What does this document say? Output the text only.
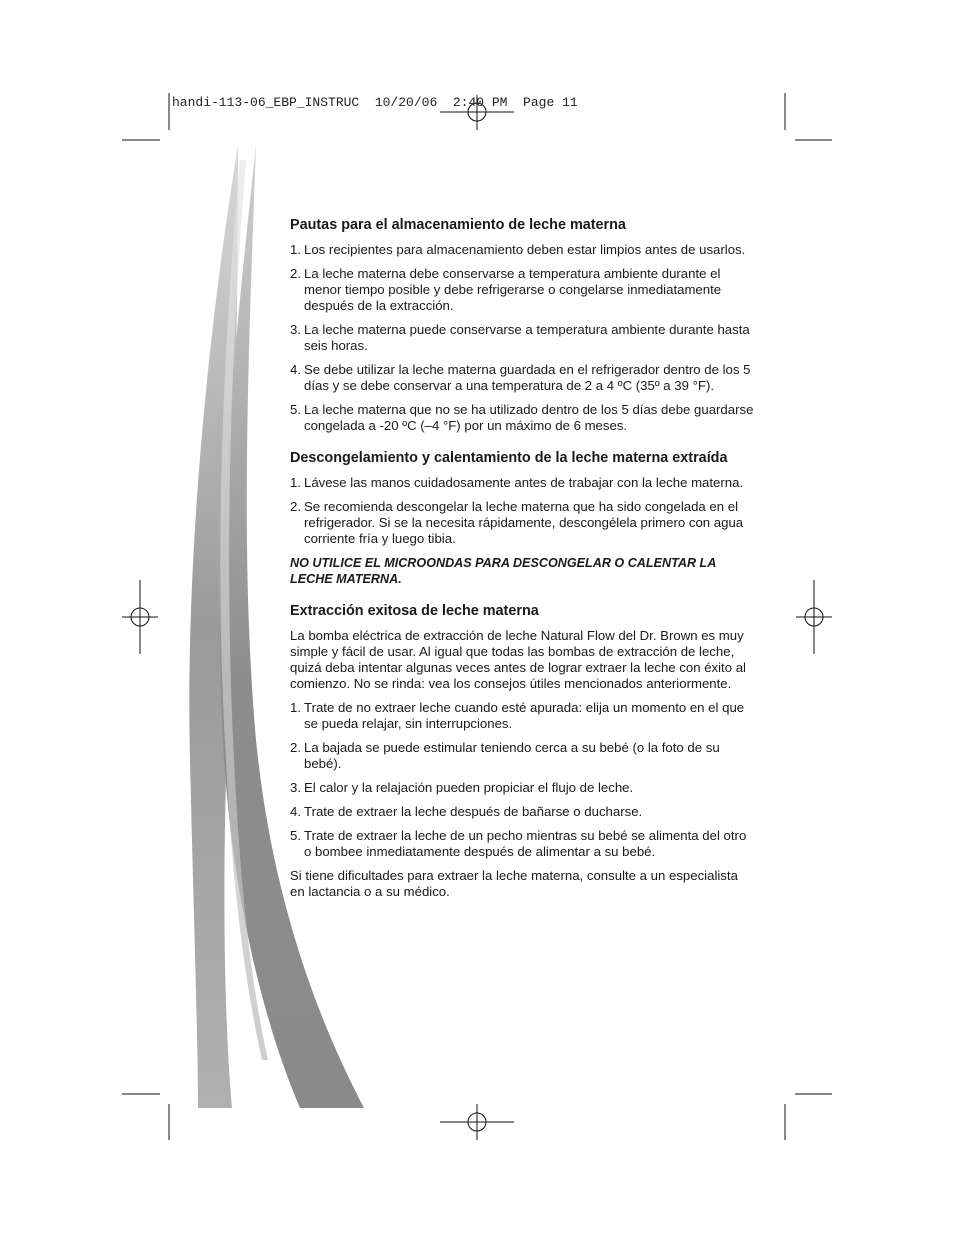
handi-113-06_EBP_INSTRUC  10/20/06  2:40 PM  Page 11
Pautas para el almacenamiento de leche materna
1. Los recipientes para almacenamiento deben estar limpios antes de usarlos.
2. La leche materna debe conservarse a temperatura ambiente durante el menor tiempo posible y debe refrigerarse o congelarse inmediatamente después de la extracción.
3. La leche materna puede conservarse a temperatura ambiente durante hasta seis horas.
4. Se debe utilizar la leche materna guardada en el refrigerador dentro de los 5 días y se debe conservar a una temperatura de 2 a 4 ºC (35º a 39 °F).
5. La leche materna que no se ha utilizado dentro de los 5 días debe guardarse congelada a -20 ºC (–4 °F) por un máximo de 6 meses.
Descongelamiento y calentamiento de la leche materna extraída
1. Lávese las manos cuidadosamente antes de trabajar con la leche materna.
2. Se recomienda descongelar la leche materna que ha sido congelada en el refrigerador. Si se la necesita rápidamente, descongélela primero con agua corriente fría y luego tibia.
NO UTILICE EL MICROONDAS PARA DESCONGELAR O CALENTAR LA LECHE MATERNA.
Extracción exitosa de leche materna

La bomba eléctrica de extracción de leche Natural Flow del Dr. Brown es muy simple y fácil de usar. Al igual que todas las bombas de extracción de leche, quizá deba intentar algunas veces antes de lograr extraer la leche con éxito al comienzo. No se rinda: vea los consejos útiles mencionados anteriormente.

1. Trate de no extraer leche cuando esté apurada: elija un momento en el que se pueda relajar, sin interrupciones.
2. La bajada se puede estimular teniendo cerca a su bebé (o la foto de su bebé).
3. El calor y la relajación pueden propiciar el flujo de leche.
4. Trate de extraer la leche después de bañarse o ducharse.
5. Trate de extraer la leche de un pecho mientras su bebé se alimenta del otro o bombee inmediatamente después de alimentar a su bebé.

Si tiene dificultades para extraer la leche materna, consulte a un especialista en lactancia o a su médico.
